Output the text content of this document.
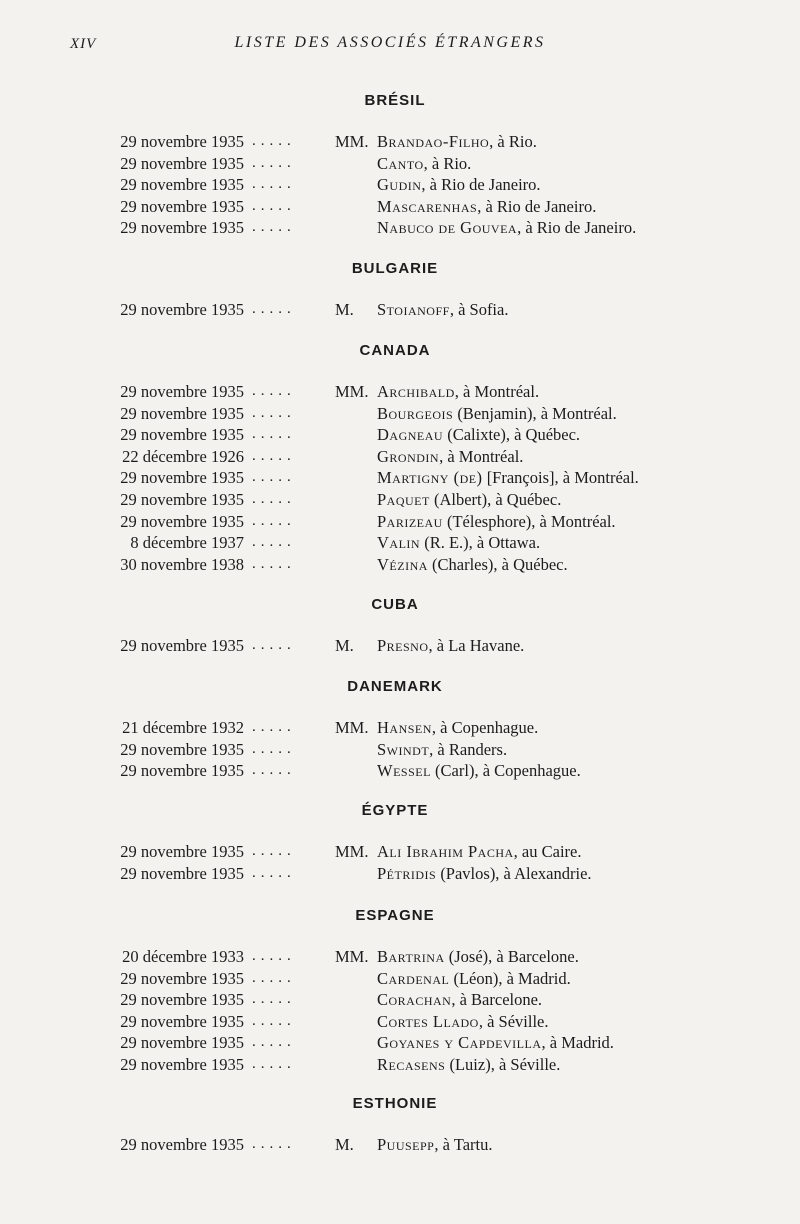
XIV	LISTE DES ASSOCIÉS ÉTRANGERS
BRÉSIL
29 novembre 1935 ..... MM. Brandao-Filho, à Rio.
29 novembre 1935 .....	Canto, à Rio.
29 novembre 1935 .....	Gudin, à Rio de Janeiro.
29 novembre 1935 .....	Mascarenhas, à Rio de Janeiro.
29 novembre 1935 .....	Nabuco de Gouvea, à Rio de Janeiro.
BULGARIE
29 novembre 1935 ..... M. Stoianoff, à Sofia.
CANADA
29 novembre 1935 ..... MM. Archibald, à Montréal.
29 novembre 1935 .....	Bourgeois (Benjamin), à Montréal.
29 novembre 1935 .....	Dagneau (Calixte), à Québec.
22 décembre 1926 .....	Grondin, à Montréal.
29 novembre 1935 .....	Martigny (de) [François], à Montréal.
29 novembre 1935 .....	Paquet (Albert), à Québec.
29 novembre 1935 .....	Parizeau (Télesphore), à Montréal.
8 décembre 1937 .....	Valin (R. E.), à Ottawa.
30 novembre 1938 .....	Vézina (Charles), à Québec.
CUBA
29 novembre 1935 ..... M. Presno, à La Havane.
DANEMARK
21 décembre 1932 ..... MM. Hansen, à Copenhague.
29 novembre 1935 .....	Swindt, à Randers.
29 novembre 1935 .....	Wessel (Carl), à Copenhague.
ÉGYPTE
29 novembre 1935 ..... MM. Ali Ibrahim Pacha, au Caire.
29 novembre 1935 .....	Pétridis (Pavlos), à Alexandrie.
ESPAGNE
20 décembre 1933 ..... MM. Bartrina (José), à Barcelone.
29 novembre 1935 .....	Cardenal (Léon), à Madrid.
29 novembre 1935 .....	Corachan, à Barcelone.
29 novembre 1935 .....	Cortes Llado, à Séville.
29 novembre 1935 .....	Goyanes y Capdevilla, à Madrid.
29 novembre 1935 .....	Recasens (Luiz), à Séville.
ESTHONIE
29 novembre 1935 ..... M. Puusepp, à Tartu.
